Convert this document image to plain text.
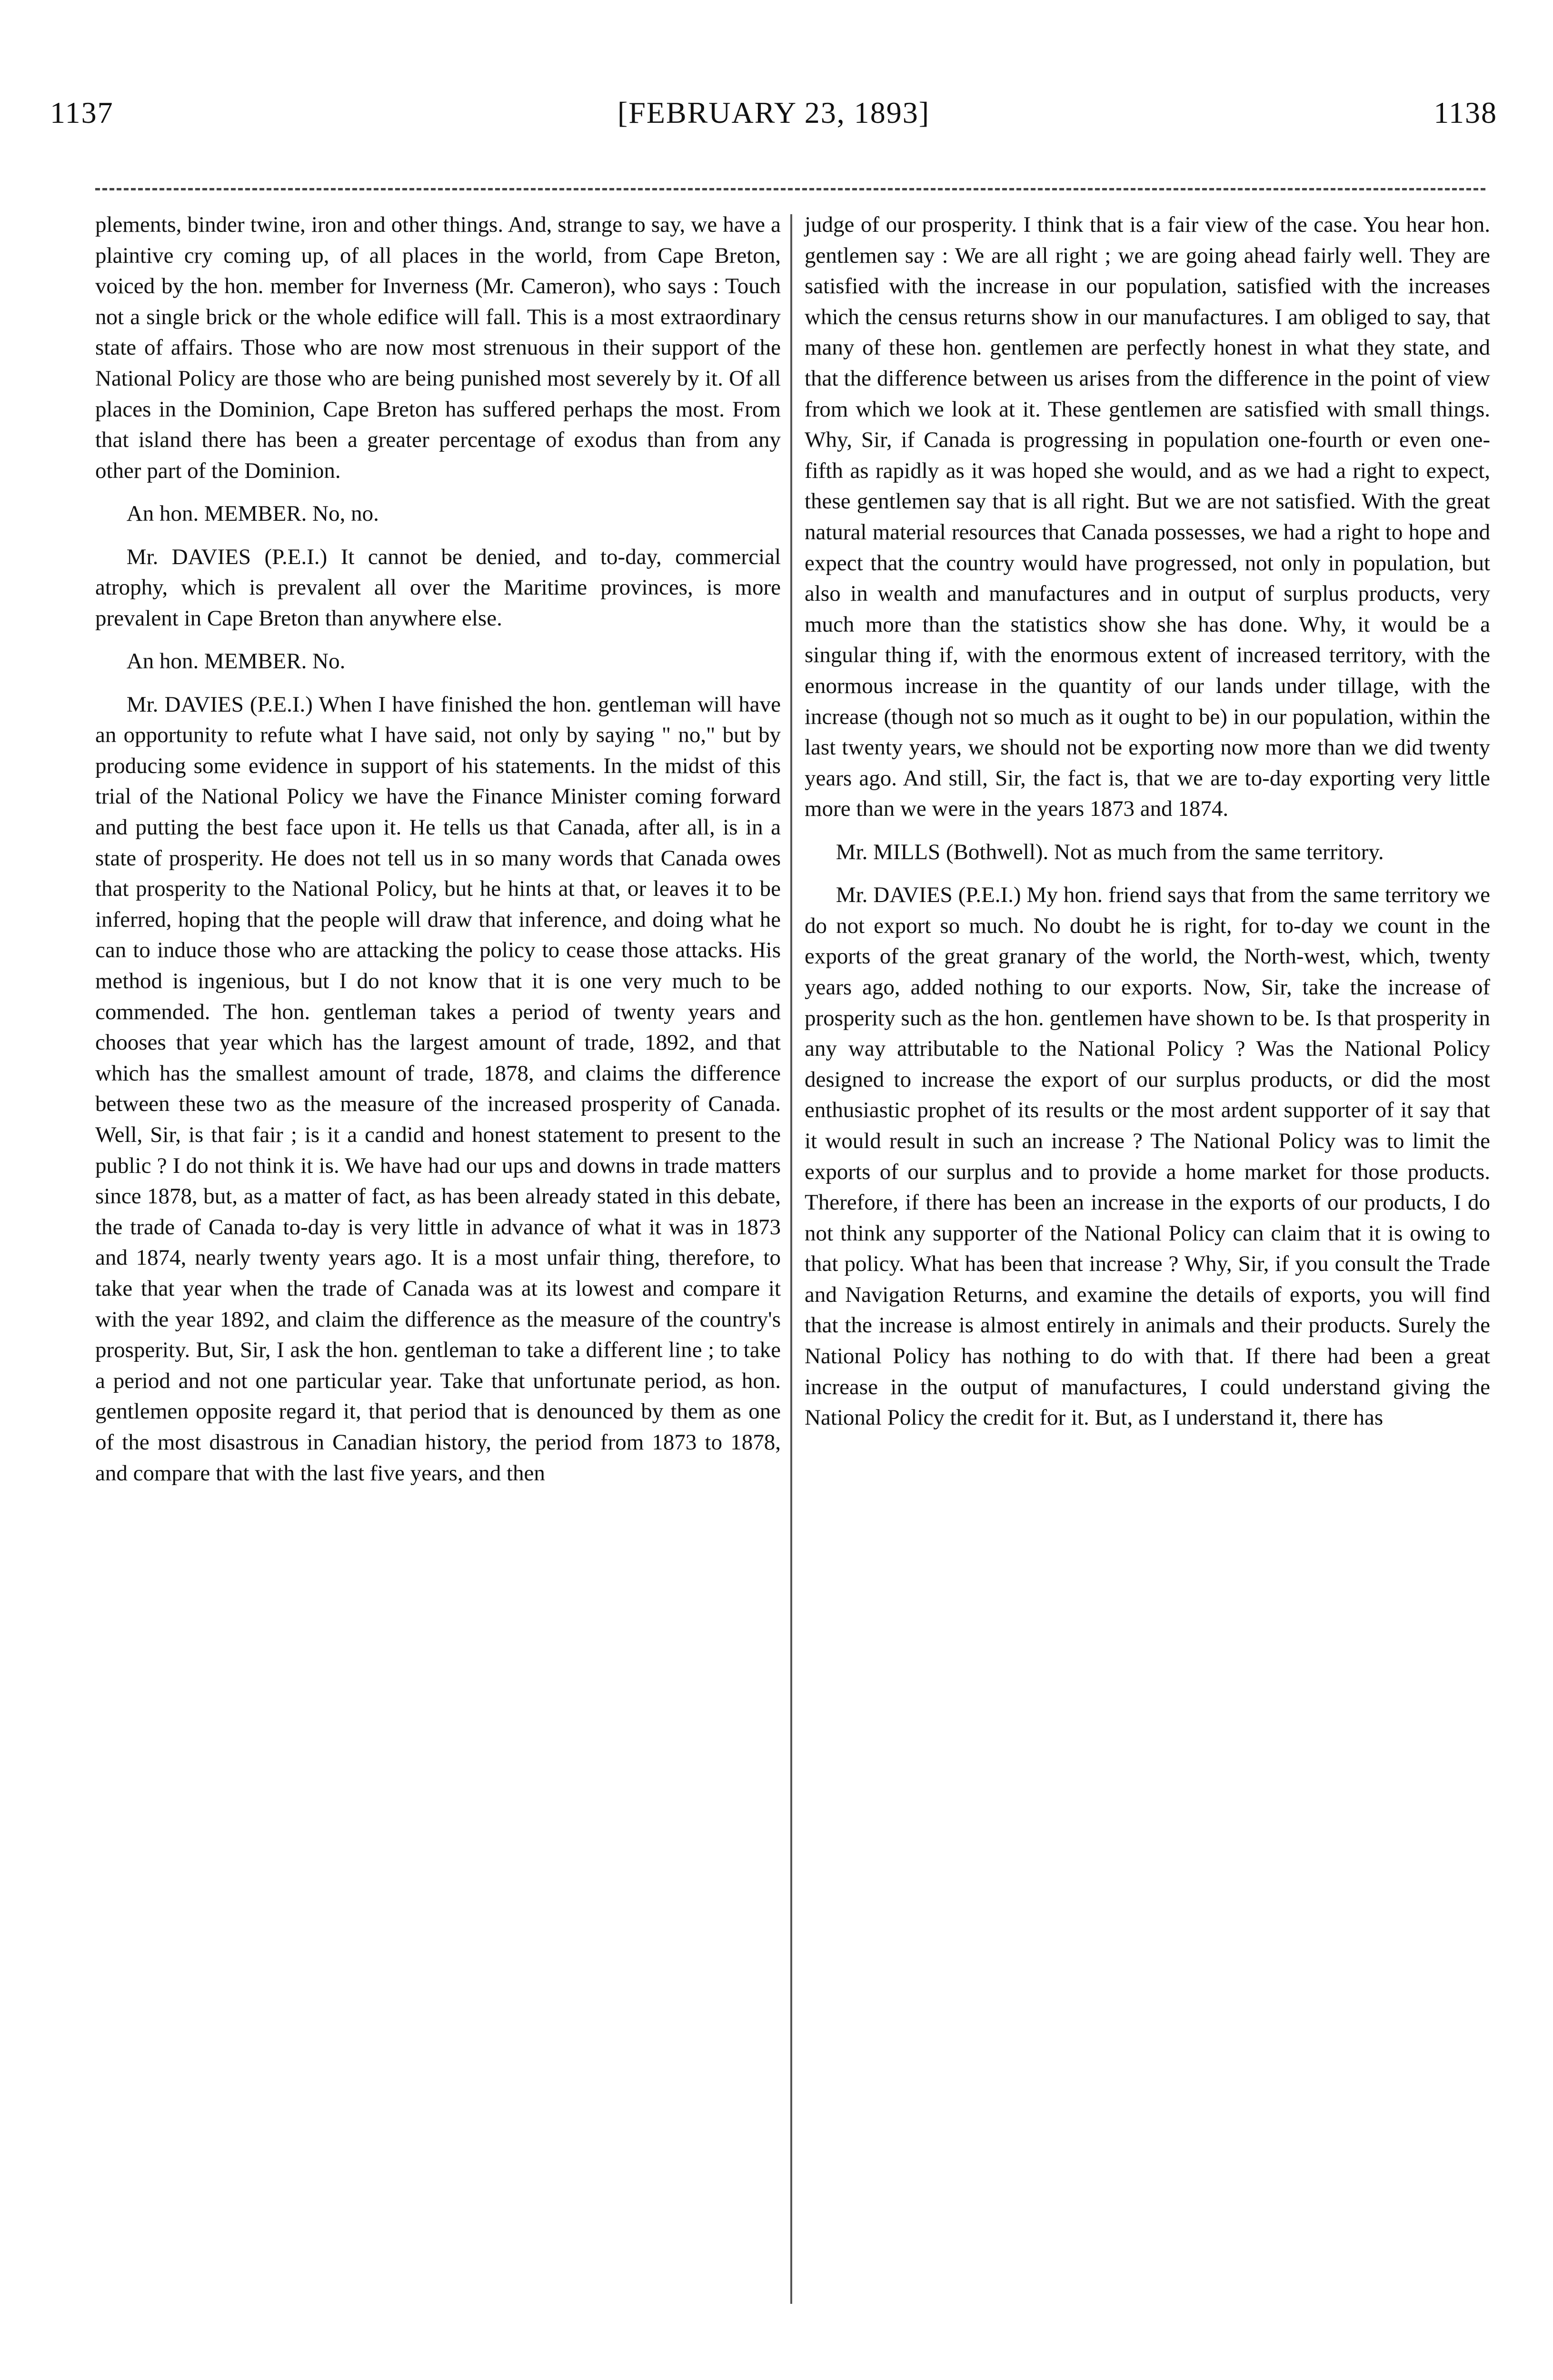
1137	[FEBRUARY 23, 1893]	1138

plements, binder twine, iron and other things. And, strange to say, we have a plaintive cry coming up, of all places in the world, from Cape Breton, voiced by the hon. member for Inverness (Mr. Cameron), who says : Touch not a single brick or the whole edifice will fall. This is a most extraordinary state of affairs. Those who are now most strenuous in their support of the National Policy are those who are being punished most severely by it. Of all places in the Dominion, Cape Breton has suffered perhaps the most. From that island there has been a greater percentage of exodus than from any other part of the Dominion.

An hon. MEMBER. No, no.

Mr. DAVIES (P.E.I.) It cannot be denied, and to-day, commercial atrophy, which is prevalent all over the Maritime provinces, is more prevalent in Cape Breton than anywhere else.

An hon. MEMBER. No.

Mr. DAVIES (P.E.I.) When I have finished the hon. gentleman will have an opportunity to refute what I have said, not only by saying " no," but by producing some evidence in support of his statements. In the midst of this trial of the National Policy we have the Finance Minister coming forward and putting the best face upon it. He tells us that Canada, after all, is in a state of prosperity. He does not tell us in so many words that Canada owes that prosperity to the National Policy, but he hints at that, or leaves it to be inferred, hoping that the people will draw that inference, and doing what he can to induce those who are attacking the policy to cease those attacks. His method is ingenious, but I do not know that it is one very much to be commended. The hon. gentleman takes a period of twenty years and chooses that year which has the largest amount of trade, 1892, and that which has the smallest amount of trade, 1878, and claims the difference between these two as the measure of the increased prosperity of Canada. Well, Sir, is that fair ; is it a candid and honest statement to present to the public ? I do not think it is. We have had our ups and downs in trade matters since 1878, but, as a matter of fact, as has been already stated in this debate, the trade of Canada to-day is very little in advance of what it was in 1873 and 1874, nearly twenty years ago. It is a most unfair thing, therefore, to take that year when the trade of Canada was at its lowest and compare it with the year 1892, and claim the difference as the measure of the country's prosperity. But, Sir, I ask the hon. gentleman to take a different line ; to take a period and not one particular year. Take that unfortunate period, as hon. gentlemen opposite regard it, that period that is denounced by them as one of the most disastrous in Canadian history, the period from 1873 to 1878, and compare that with the last five years, and then

judge of our prosperity. I think that is a fair view of the case. You hear hon. gentlemen say : We are all right ; we are going ahead fairly well. They are satisfied with the increase in our population, satisfied with the increases which the census returns show in our manufactures. I am obliged to say, that many of these hon. gentlemen are perfectly honest in what they state, and that the difference between us arises from the difference in the point of view from which we look at it. These gentlemen are satisfied with small things. Why, Sir, if Canada is progressing in population one-fourth or even one-fifth as rapidly as it was hoped she would, and as we had a right to expect, these gentlemen say that is all right. But we are not satisfied. With the great natural material resources that Canada possesses, we had a right to hope and expect that the country would have progressed, not only in population, but also in wealth and manufactures and in output of surplus products, very much more than the statistics show she has done. Why, it would be a singular thing if, with the enormous extent of increased territory, with the enormous increase in the quantity of our lands under tillage, with the increase (though not so much as it ought to be) in our population, within the last twenty years, we should not be exporting now more than we did twenty years ago. And still, Sir, the fact is, that we are to-day exporting very little more than we were in the years 1873 and 1874.

Mr. MILLS (Bothwell). Not as much from the same territory.

Mr. DAVIES (P.E.I.) My hon. friend says that from the same territory we do not export so much. No doubt he is right, for to-day we count in the exports of the great granary of the world, the North-west, which, twenty years ago, added nothing to our exports. Now, Sir, take the increase of prosperity such as the hon. gentlemen have shown to be. Is that prosperity in any way attributable to the National Policy ? Was the National Policy designed to increase the export of our surplus products, or did the most enthusiastic prophet of its results or the most ardent supporter of it say that it would result in such an increase ? The National Policy was to limit the exports of our surplus and to provide a home market for those products. Therefore, if there has been an increase in the exports of our products, I do not think any supporter of the National Policy can claim that it is owing to that policy. What has been that increase ? Why, Sir, if you consult the Trade and Navigation Returns, and examine the details of exports, you will find that the increase is almost entirely in animals and their products. Surely the National Policy has nothing to do with that. If there had been a great increase in the output of manufactures, I could understand giving the National Policy the credit for it. But, as I understand it, there has
